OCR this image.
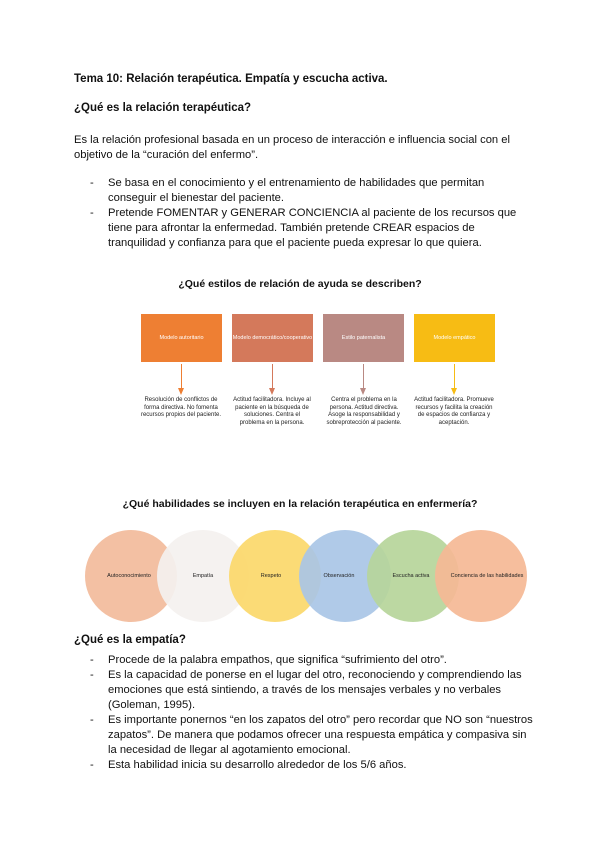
Tema 10: Relación terapéutica. Empatía y escucha activa.
¿Qué es la relación terapéutica?
Es la relación profesional basada en un proceso de interacción e influencia social con el objetivo de la “curación del enfermo”.
- Se basa en el conocimiento y el entrenamiento de habilidades que permitan conseguir el bienestar del paciente.
- Pretende FOMENTAR y GENERAR CONCIENCIA al paciente de los recursos que tiene para afrontar la enfermedad. También pretende CREAR espacios de tranquilidad y confianza para que el paciente pueda expresar lo que quiera.
¿Qué estilos de relación de ayuda se describen?
Modelo autoritario	Modelo democrático/cooperativo	Estilo paternalista	Modelo empático
Resolución de conflictos de forma directiva. No fomenta recursos propios del paciente.
Actitud facilitadora. Incluye al paciente en la búsqueda de soluciones. Centra el problema en la persona.
Centra el problema en la persona. Actitud directiva. Asoge la responsabilidad y sobreprotección al paciente.
Actitud facilitadora. Promueve recursos y facilita la creación de espacios de confianza y aceptación.
¿Qué habilidades se incluyen en la relación terapéutica en enfermería?
Autoconocimiento	Empatía	Respeto	Observación	Escucha activa	Conciencia de las habilidades
¿Qué es la empatía?
- Procede de la palabra empathos, que significa “sufrimiento del otro”.
- Es la capacidad de ponerse en el lugar del otro, reconociendo y comprendiendo las emociones que está sintiendo, a través de los mensajes verbales y no verbales (Goleman, 1995).
- Es importante ponernos “en los zapatos del otro” pero recordar que NO son “nuestros zapatos”. De manera que podamos ofrecer una respuesta empática y compasiva sin la necesidad de llegar al agotamiento emocional.
- Esta habilidad inicia su desarrollo alrededor de los 5/6 años.
